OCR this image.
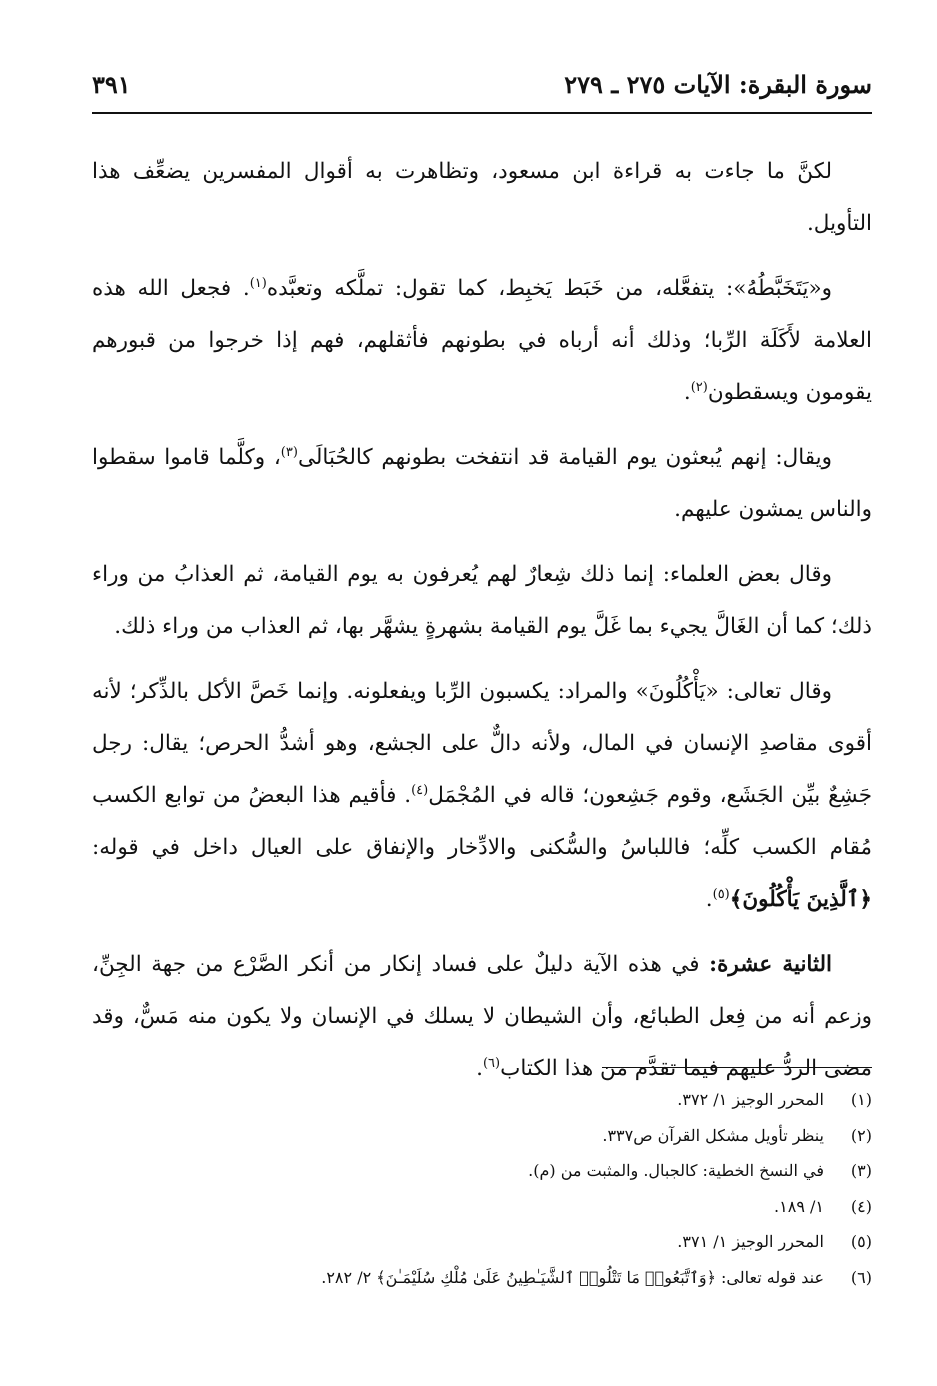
سورة البقرة: الآيات ٢٧٥ ـ ٢٧٩
٣٩١

لكنَّ ما جاءت به قراءة ابن مسعود، وتظاهرت به أقوال المفسرين يضعِّف هذا التأويل.

و«يَتَخَبَّطُهُ»: يتفعَّله، من خَبَط يَخبِط، كما تقول: تملَّكه وتعبَّده$^{(١)}$. فجعل الله هذه العلامة لأَكَلَة الرِّبا؛ وذلك أنه أرباه في بطونهم فأثقلهم، فهم إذا خرجوا من قبورهم يقومون ويسقطون$^{(٢)}$.

ويقال: إنهم يُبعثون يوم القيامة قد انتفخت بطونهم كالحُبَالَى$^{(٣)}$، وكلَّما قاموا سقطوا والناس يمشون عليهم.

وقال بعض العلماء: إنما ذلك شِعارٌ لهم يُعرفون به يوم القيامة، ثم العذابُ من وراء ذلك؛ كما أن الغَالَّ يجيء بما غَلَّ يوم القيامة بشهرةٍ يشهَّر بها، ثم العذاب من وراء ذلك.

وقال تعالى: «يَأْكُلُونَ» والمراد: يكسبون الرِّبا ويفعلونه. وإنما خَصَّ الأكل بالذِّكر؛ لأنه أقوى مقاصدِ الإنسان في المال، ولأنه دالٌّ على الجشع، وهو أشدُّ الحرص؛ يقال: رجل جَشِعٌ بيِّن الجَشَع، وقوم جَشِعون؛ قاله في المُجْمَل$^{(٤)}$. فأقيم هذا البعضُ من توابع الكسب مُقام الكسب كلِّه؛ فاللباسُ والسُّكنى والادِّخار والإنفاق على العيال داخل في قوله: ﴿ٱلَّذِينَ يَأْكُلُونَ﴾$^{(٥)}$.

الثانية عشرة: في هذه الآية دليلٌ على فساد إنكار من أنكر الصَّرْع من جهة الجِنِّ، وزعم أنه من فِعل الطبائع، وأن الشيطان لا يسلك في الإنسان ولا يكون منه مَسٌّ، وقد مضى الردُّ عليهم فيما تقدَّم من هذا الكتاب$^{(٦)}$.

(١)
المحرر الوجيز ١/ ٣٧٢.
(٢)
ينظر تأويل مشكل القرآن ص٣٣٧.
(٣)
في النسخ الخطية: كالجبال. والمثبت من (م).
(٤)
١/ ١٨٩.
(٥)
المحرر الوجيز ١/ ٣٧١.
(٦)
عند قوله تعالى: ﴿وَٱتَّبَعُوا۟ مَا تَتْلُوا۟ ٱلشَّيَـٰطِينُ عَلَىٰ مُلْكِ سُلَيْمَـٰنَ﴾ ٢/ ٢٨٢.
